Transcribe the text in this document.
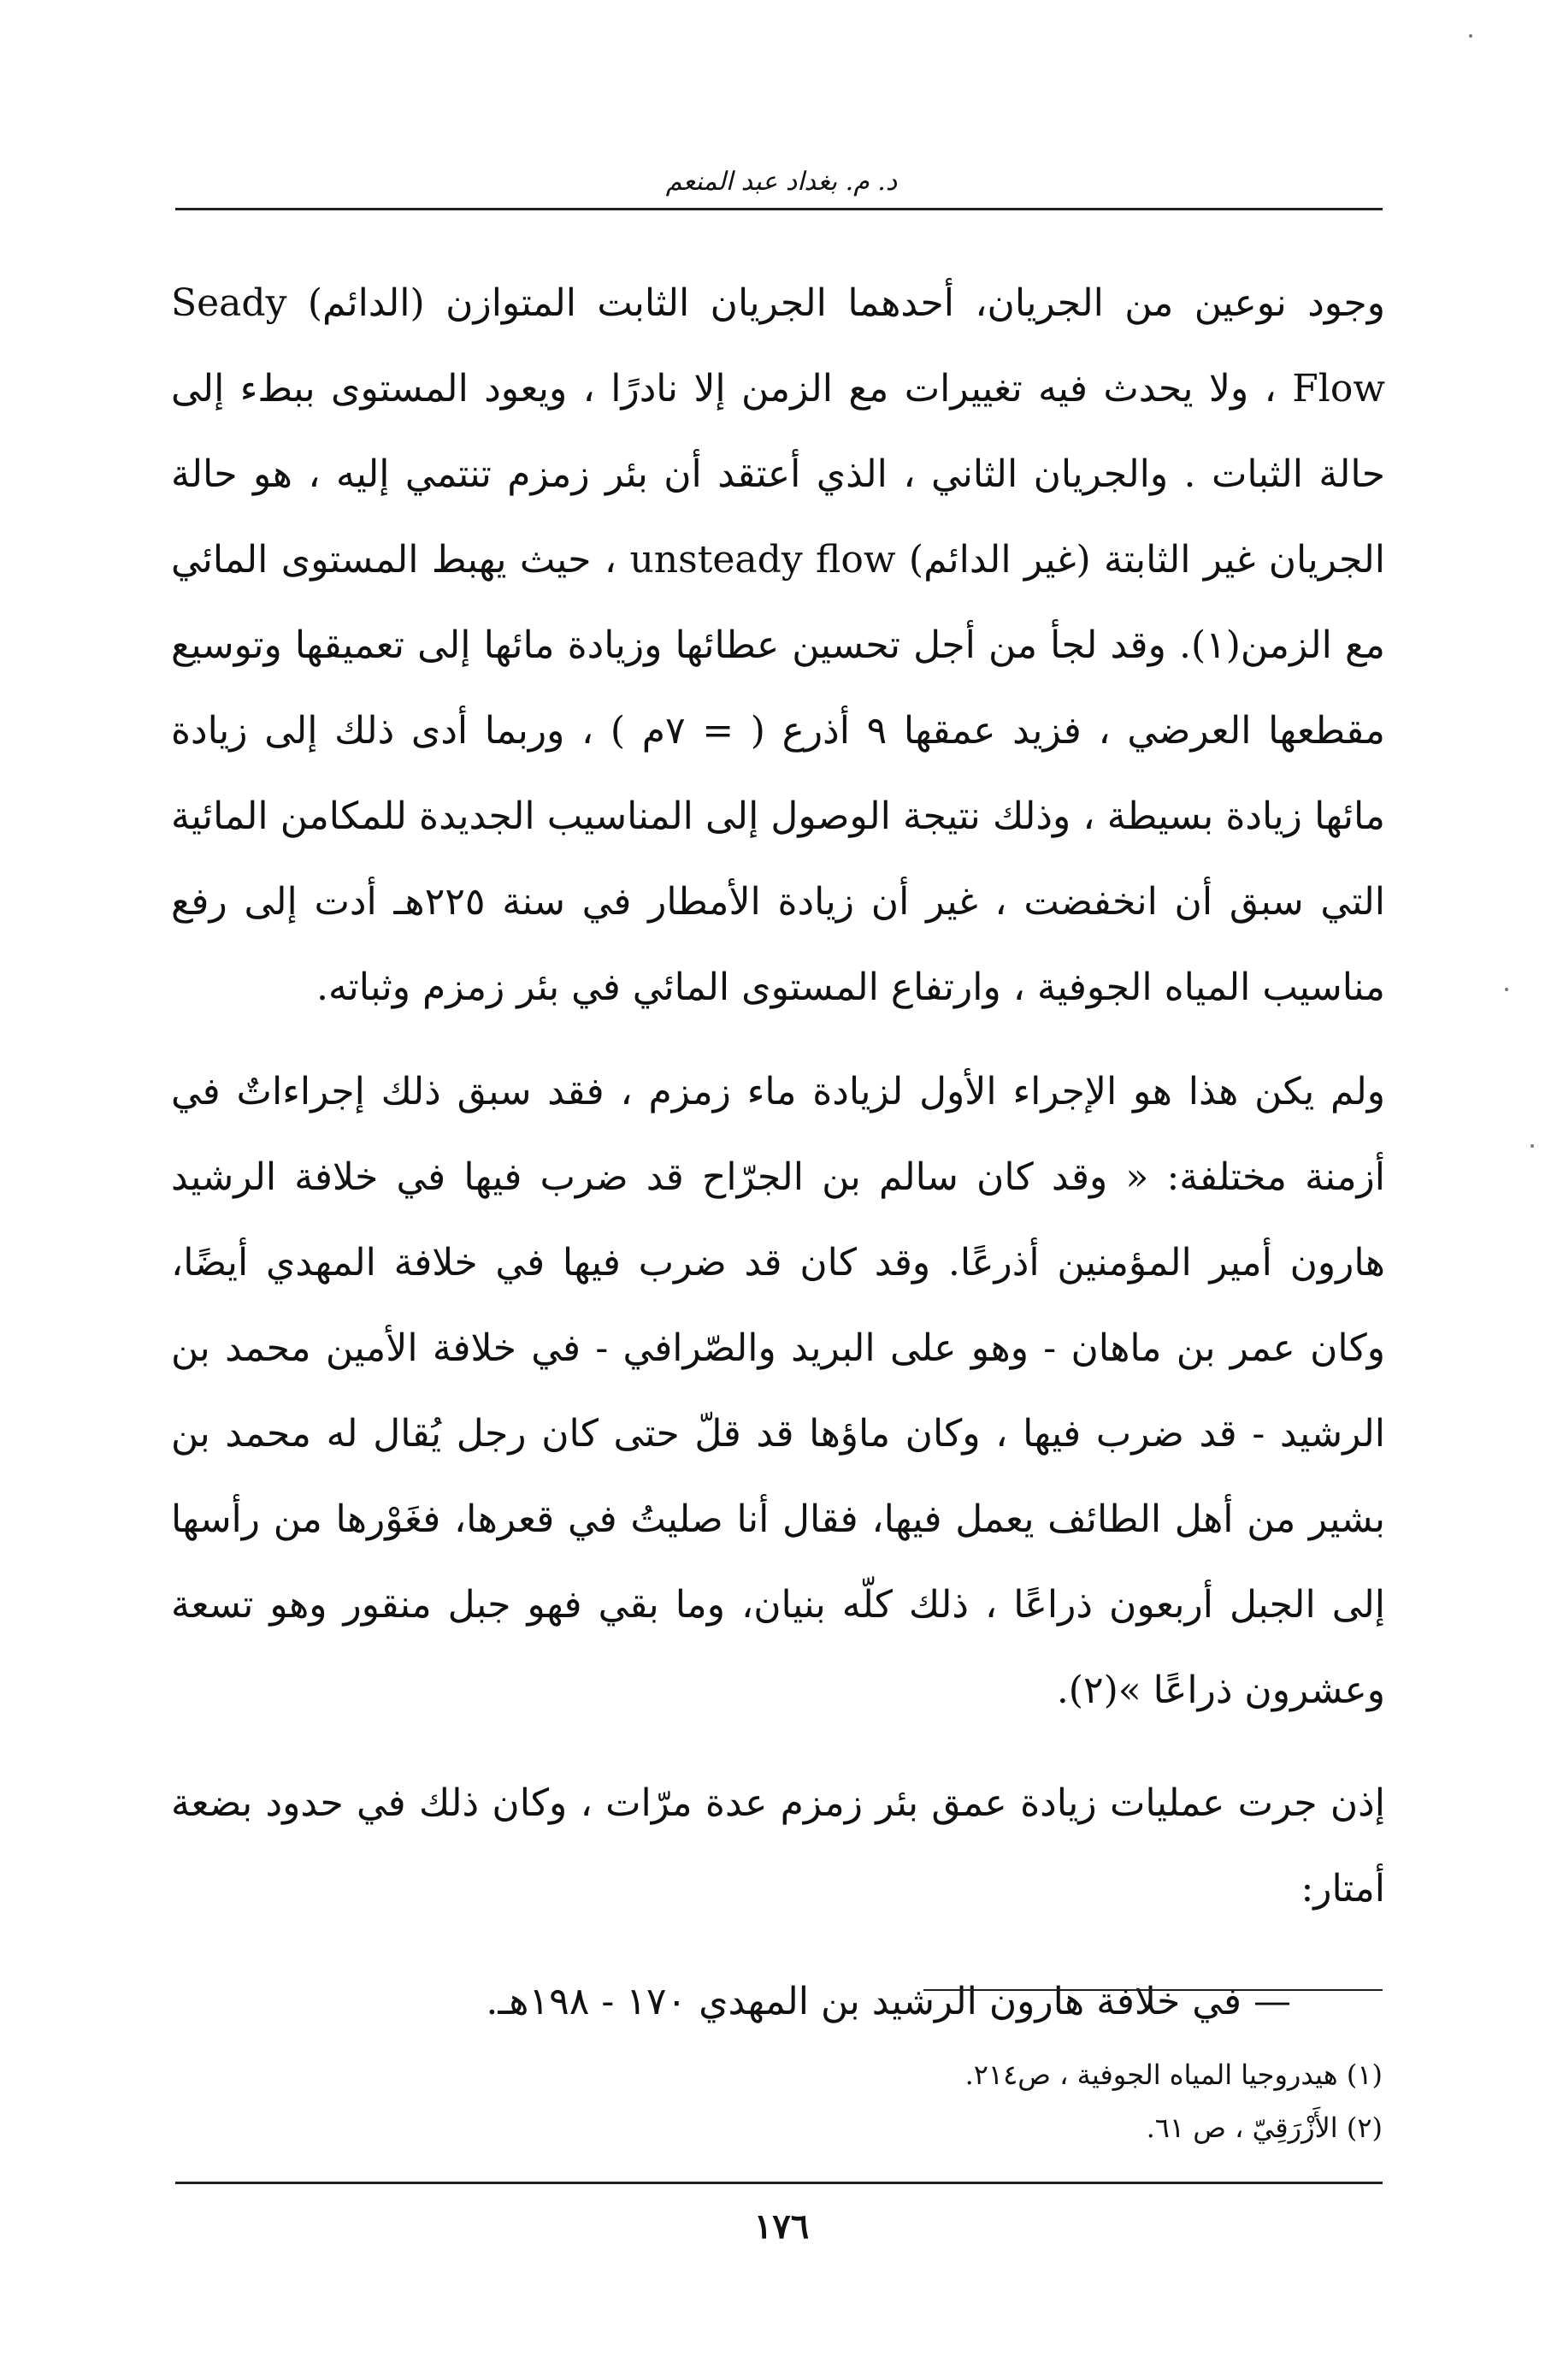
د. م. بغداد عبد المنعم

وجود نوعين من الجريان، أحدهما الجريان الثابت المتوازن (الدائم) Seady Flow ، ولا يحدث فيه تغييرات مع الزمن إلا نادرًا ، ويعود المستوى ببطء إلى حالة الثبات . والجريان الثاني ، الذي أعتقد أن بئر زمزم تنتمي إليه ، هو حالة الجريان غير الثابتة (غير الدائم) unsteady flow ، حيث يهبط المستوى المائي مع الزمن(١). وقد لجأ من أجل تحسين عطائها وزيادة مائها إلى تعميقها وتوسيع مقطعها العرضي ، فزيد عمقها ٩ أذرع ( = ٧م ) ، وربما أدى ذلك إلى زيادة مائها زيادة بسيطة ، وذلك نتيجة الوصول إلى المناسيب الجديدة للمكامن المائية التي سبق أن انخفضت ، غير أن زيادة الأمطار في سنة ٢٢٥هـ أدت إلى رفع مناسيب المياه الجوفية ، وارتفاع المستوى المائي في بئر زمزم وثباته.

ولم يكن هذا هو الإجراء الأول لزيادة ماء زمزم ، فقد سبق ذلك إجراءاتٌ في أزمنة مختلفة: « وقد كان سالم بن الجرّاح قد ضرب فيها في خلافة الرشيد هارون أمير المؤمنين أذرعًا. وقد كان قد ضرب فيها في خلافة المهدي أيضًا، وكان عمر بن ماهان - وهو على البريد والصّرافي - في خلافة الأمين محمد بن الرشيد - قد ضرب فيها ، وكان ماؤها قد قلّ حتى كان رجل يُقال له محمد بن بشير من أهل الطائف يعمل فيها، فقال أنا صليتُ في قعرها، فغَوْرها من رأسها إلى الجبل أربعون ذراعًا ، ذلك كلّه بنيان، وما بقي فهو جبل منقور وهو تسعة وعشرون ذراعًا »(٢).

إذن جرت عمليات زيادة عمق بئر زمزم عدة مرّات ، وكان ذلك في حدود بضعة أمتار:

— في خلافة هارون الرشيد بن المهدي ١٧٠ - ١٩٨هـ.

(١) هيدروجيا المياه الجوفية ، ص٢١٤.
(٢) الأَزْرَقِيّ ، ص ٦١.
١٧٦
